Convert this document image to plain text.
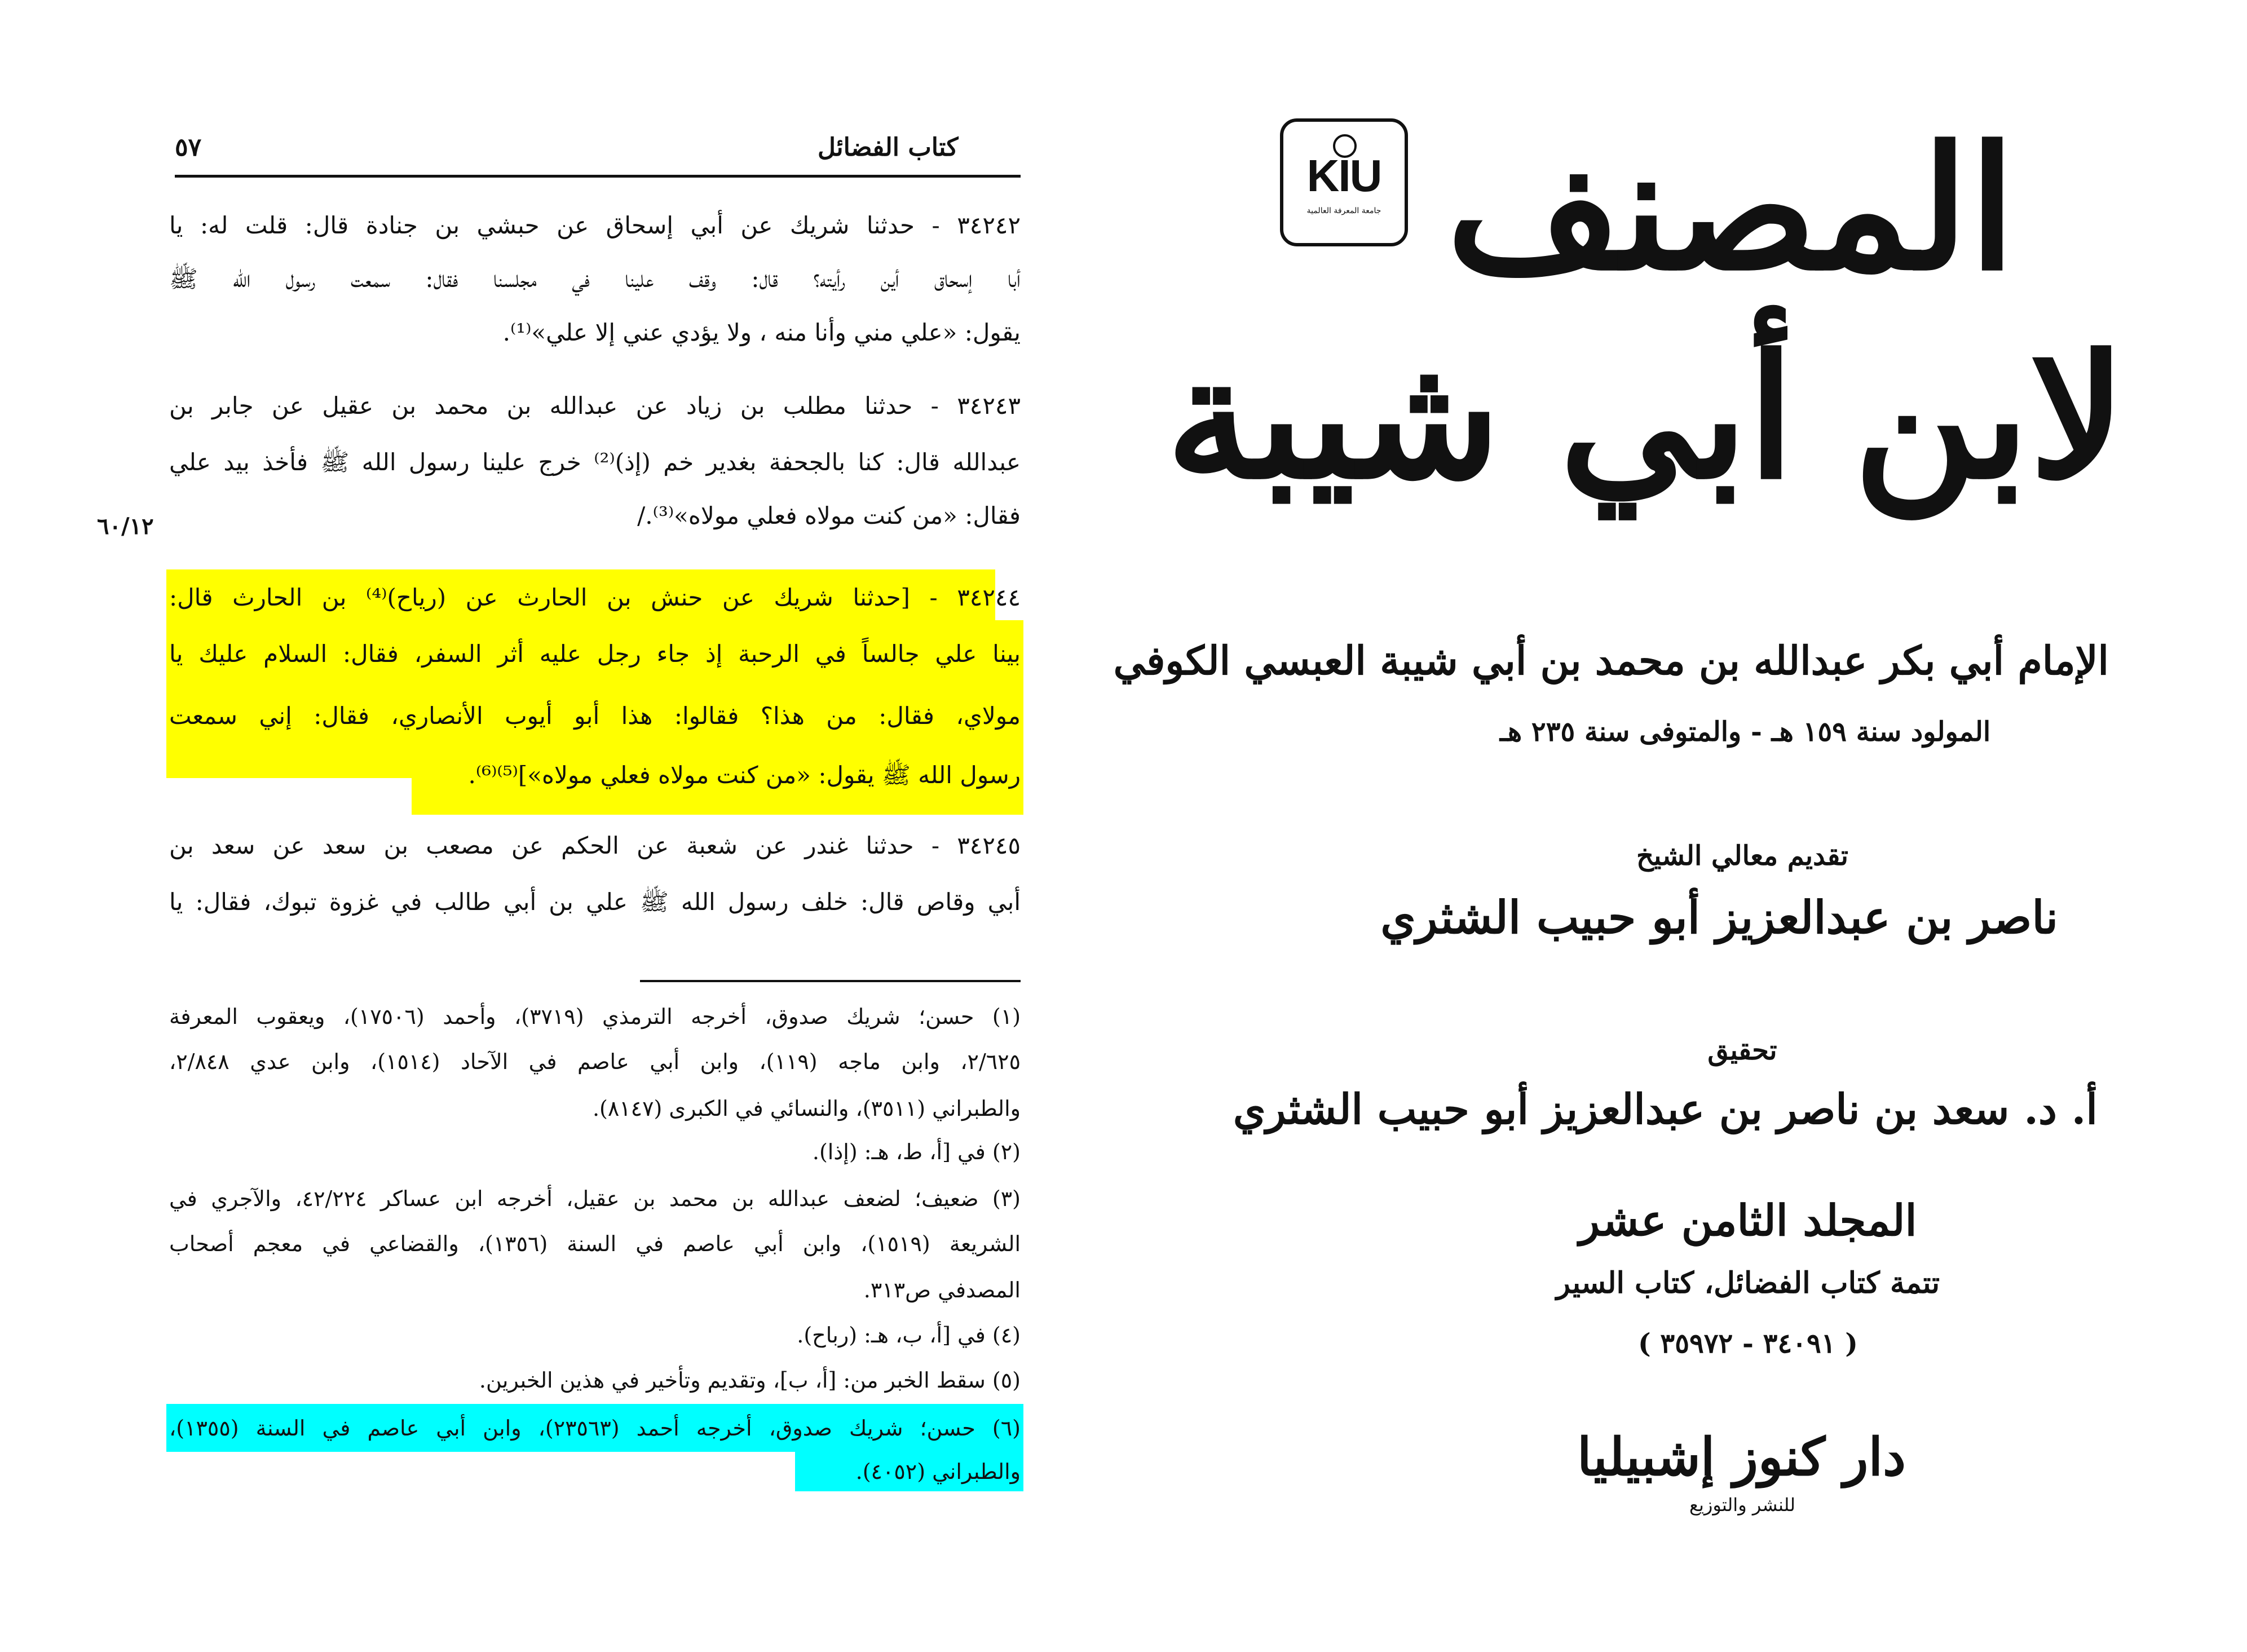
كتاب الفضائل
٥٧
٣٤٢٤٢ - حدثنا شريك عن أبي إسحاق عن حبشي بن جنادة قال: قلت له: يا
أبا إسحاق أين رأيته؟ قال: وقف علينا في مجلسنا فقال: سمعت رسول الله ﷺ
يقول: «علي مني وأنا منه ، ولا يؤدي عني إلا علي»⁽¹⁾.
٣٤٢٤٣ - حدثنا مطلب بن زياد عن عبدالله بن محمد بن عقيل عن جابر بن
عبدالله قال: كنا بالجحفة بغدير خم (إذ)⁽²⁾ خرج علينا رسول الله ﷺ فأخذ بيد علي
فقال: «من كنت مولاه فعلي مولاه»⁽³⁾./
٦٠/١٢
٣٤٢٤٤ - [حدثنا شريك عن حنش بن الحارث عن (رياح)⁽⁴⁾ بن الحارث قال:
بينا علي جالساً في الرحبة إذ جاء رجل عليه أثر السفر، فقال: السلام عليك يا
مولاي، فقال: من هذا؟ فقالوا: هذا أبو أيوب الأنصاري، فقال: إني سمعت
رسول الله ﷺ يقول: «من كنت مولاه فعلي مولاه»]⁽⁵⁾⁽⁶⁾.
٣٤٢٤٥ - حدثنا غندر عن شعبة عن الحكم عن مصعب بن سعد عن سعد بن
أبي وقاص قال: خلف رسول الله ﷺ علي بن أبي طالب في غزوة تبوك، فقال: يا
(١) حسن؛ شريك صدوق، أخرجه الترمذي (٣٧١٩)، وأحمد (١٧٥٠٦)، ويعقوب المعرفة
٢/٦٢٥، وابن ماجه (١١٩)، وابن أبي عاصم في الآحاد (١٥١٤)، وابن عدي ٢/٨٤٨،
والطبراني (٣٥١١)، والنسائي في الكبرى (٨١٤٧).
(٢) في [أ، ط، هـ: (إذا).
(٣) ضعيف؛ لضعف عبدالله بن محمد بن عقيل، أخرجه ابن عساكر ٤٢/٢٢٤، والآجري في
الشريعة (١٥١٩)، وابن أبي عاصم في السنة (١٣٥٦)، والقضاعي في معجم أصحاب
المصدفي ص٣١٣.
(٤) في [أ، ب، هـ: (رباح).
(٥) سقط الخبر من: [أ، ب]، وتقديم وتأخير في هذين الخبرين.
(٦) حسن؛ شريك صدوق، أخرجه أحمد (٢٣٥٦٣)، وابن أبي عاصم في السنة (١٣٥٥)،
والطبراني (٤٠٥٢).
KIU
جامعة المعرفة العالمية المصنف
لابن أبي شيبة
الإمام أبي بكر عبدالله بن محمد بن أبي شيبة العبسي الكوفي
المولود سنة ١٥٩ هـ - والمتوفى سنة ٢٣٥ هـ
تقديم معالي الشيخ
ناصر بن عبدالعزيز أبو حبيب الشثري
تحقيق
أ. د. سعد بن ناصر بن عبدالعزيز أبو حبيب الشثري
المجلد الثامن عشر
تتمة كتاب الفضائل، كتاب السير
( ٣٤٠٩١ - ٣٥٩٧٢ )
دار كنوز إشبيليا
للنشر والتوزيع
